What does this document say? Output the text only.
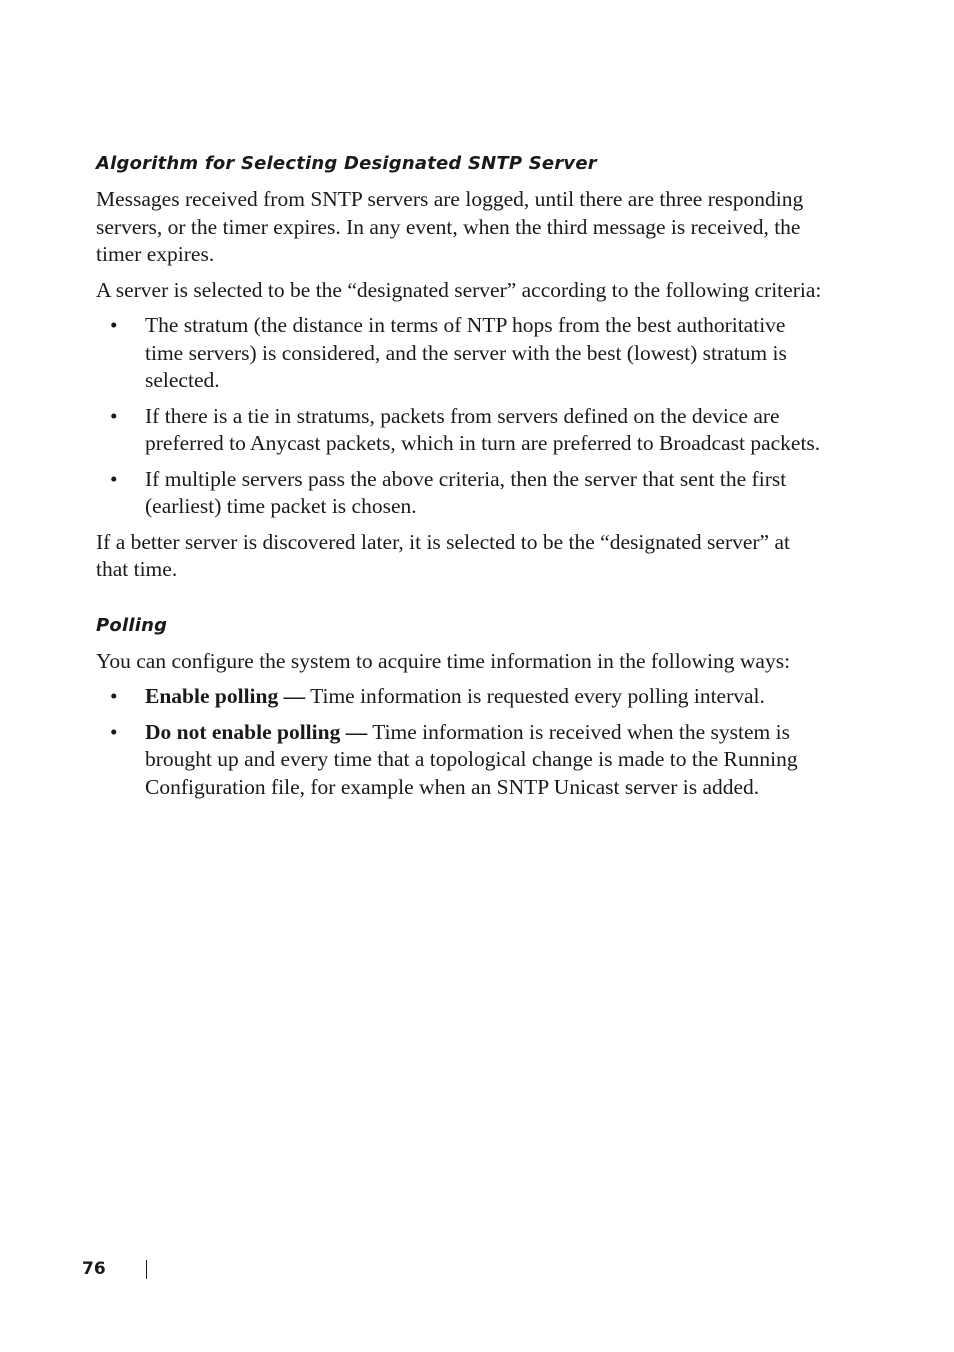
Algorithm for Selecting Designated SNTP Server

Messages received from SNTP servers are logged, until there are three responding servers, or the timer expires. In any event, when the third message is received, the timer expires.

A server is selected to be the “designated server” according to the following criteria:

• The stratum (the distance in terms of NTP hops from the best authoritative time servers) is considered, and the server with the best (lowest) stratum is selected.
• If there is a tie in stratums, packets from servers defined on the device are preferred to Anycast packets, which in turn are preferred to Broadcast packets.
• If multiple servers pass the above criteria, then the server that sent the first (earliest) time packet is chosen.

If a better server is discovered later, it is selected to be the “designated server” at that time.

Polling

You can configure the system to acquire time information in the following ways:

• Enable polling — Time information is requested every polling interval.
• Do not enable polling — Time information is received when the system is brought up and every time that a topological change is made to the Running Configuration file, for example when an SNTP Unicast server is added.
76
